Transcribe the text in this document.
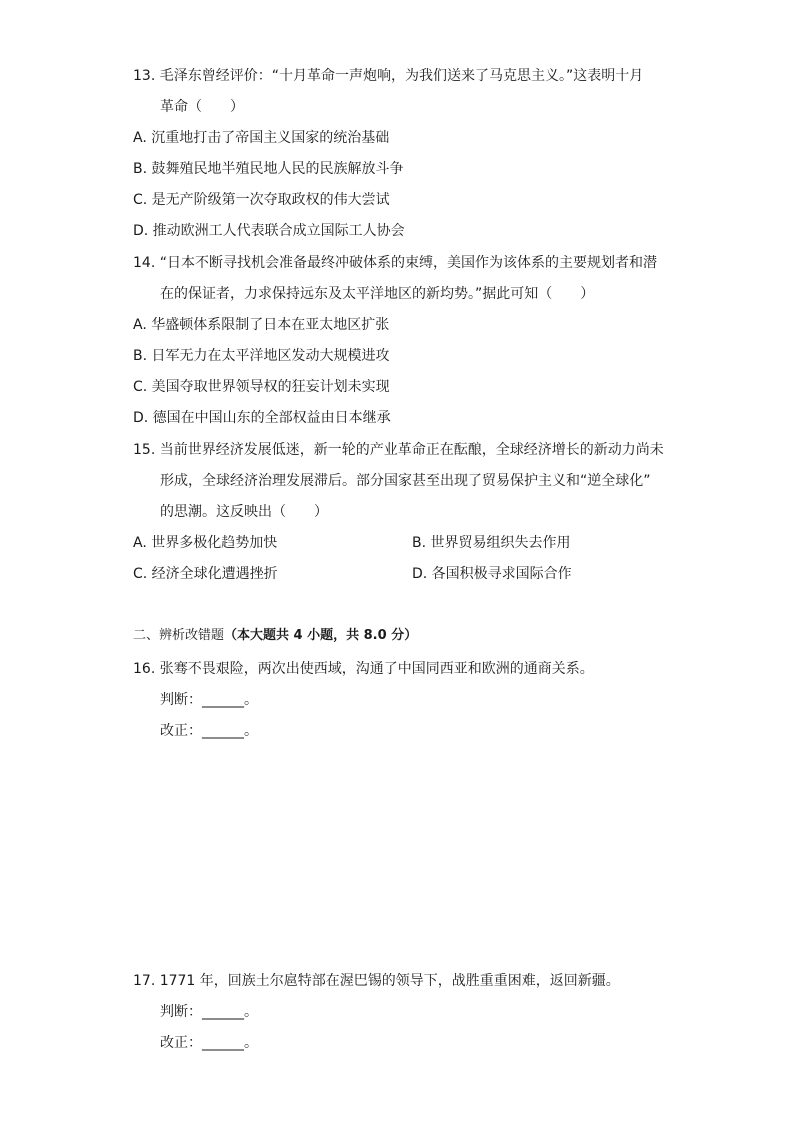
13. 毛泽东曾经评价：“十月革命一声炮响，为我们送来了马克思主义。”这表明十月
革命（　　）
A. 沉重地打击了帝国主义国家的统治基础
B. 鼓舞殖民地半殖民地人民的民族解放斗争
C. 是无产阶级第一次夺取政权的伟大尝试
D. 推动欧洲工人代表联合成立国际工人协会
14. “日本不断寻找机会准备最终冲破体系的束缚，美国作为该体系的主要规划者和潜
在的保证者，力求保持远东及太平洋地区的新均势。”据此可知（　　）
A. 华盛顿体系限制了日本在亚太地区扩张
B. 日军无力在太平洋地区发动大规模进攻
C. 美国夺取世界领导权的狂妄计划未实现
D. 德国在中国山东的全部权益由日本继承
15. 当前世界经济发展低迷，新一轮的产业革命正在酝酿，全球经济增长的新动力尚未
形成，全球经济治理发展滞后。部分国家甚至出现了贸易保护主义和“逆全球化”
的思潮。这反映出（　　）
A. 世界多极化趋势加快	B. 世界贸易组织失去作用
C. 经济全球化遭遇挫折	D. 各国积极寻求国际合作
二、辨析改错题（本大题共 4 小题，共 8.0 分）
16. 张骞不畏艰险，两次出使西域，沟通了中国同西亚和欧洲的通商关系。
判断：______。
改正：______。
17. 1771 年，回族土尔扈特部在渥巴锡的领导下，战胜重重困难，返回新疆。
判断：______。
改正：______。
